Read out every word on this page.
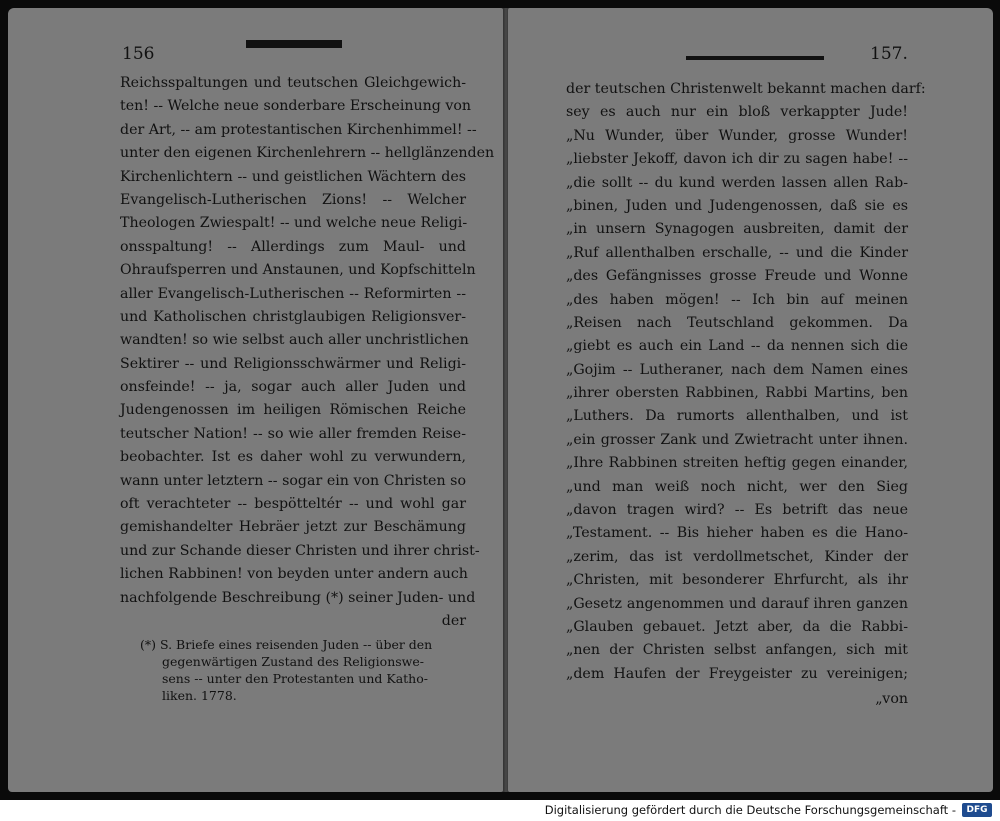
156
Reichsspaltungen und teutschen Gleichgewich-
ten! -- Welche neue sonderbare Erscheinung von
der Art, -- am protestantischen Kirchenhimmel! --
unter den eigenen Kirchenlehrern -- hellglänzenden
Kirchenlichtern -- und geistlichen Wächtern des
Evangelisch-Lutherischen Zions! -- Welcher
Theologen Zwiespalt! -- und welche neue Religi-
onsspaltung! -- Allerdings zum Maul- und
Ohraufsperren und Anstaunen, und Kopfschitteln
aller Evangelisch-Lutherischen -- Reformirten --
und Katholischen christglaubigen Religionsver-
wandten! so wie selbst auch aller unchristlichen
Sektirer -- und Religionsschwärmer und Religi-
onsfeinde! -- ja, sogar auch aller Juden und
Judengenossen im heiligen Römischen Reiche
teutscher Nation! -- so wie aller fremden Reise-
beobachter. Ist es daher wohl zu verwundern,
wann unter letztern -- sogar ein von Christen so
oft verachteter -- bespötteltér -- und wohl gar
gemishandelter Hebräer jetzt zur Beschämung
und zur Schande dieser Christen und ihrer christ-
lichen Rabbinen! von beyden unter andern auch
nachfolgende Beschreibung (*) seiner Juden- und
der
(*) S. Briefe eines reisenden Juden -- über den
gegenwärtigen Zustand des Religionswe-
sens -- unter den Protestanten und Katho-
liken. 1778.
157.
der teutschen Christenwelt bekannt machen darf:
sey es auch nur ein bloß verkappter Jude!
„Nu Wunder, über Wunder, grosse Wunder!
„liebster Jekoff, davon ich dir zu sagen habe! --
„die sollt -- du kund werden lassen allen Rab-
„binen, Juden und Judengenossen, daß sie es
„in unsern Synagogen ausbreiten, damit der
„Ruf allenthalben erschalle, -- und die Kinder
„des Gefängnisses grosse Freude und Wonne
„des haben mögen! -- Ich bin auf meinen
„Reisen nach Teutschland gekommen. Da
„giebt es auch ein Land -- da nennen sich die
„Gojim -- Lutheraner, nach dem Namen eines
„ihrer obersten Rabbinen, Rabbi Martins, ben
„Luthers. Da rumorts allenthalben, und ist
„ein grosser Zank und Zwietracht unter ihnen.
„Ihre Rabbinen streiten heftig gegen einander,
„und man weiß noch nicht, wer den Sieg
„davon tragen wird? -- Es betrift das neue
„Testament. -- Bis hieher haben es die Hano-
„zerim, das ist verdollmetschet, Kinder der
„Christen, mit besonderer Ehrfurcht, als ihr
„Gesetz angenommen und darauf ihren ganzen
„Glauben gebauet. Jetzt aber, da die Rabbi-
„nen der Christen selbst anfangen, sich mit
„dem Haufen der Freygeister zu vereinigen;
„von
Digitalisierung gefördert durch die Deutsche Forschungsgemeinschaft -	DFG
